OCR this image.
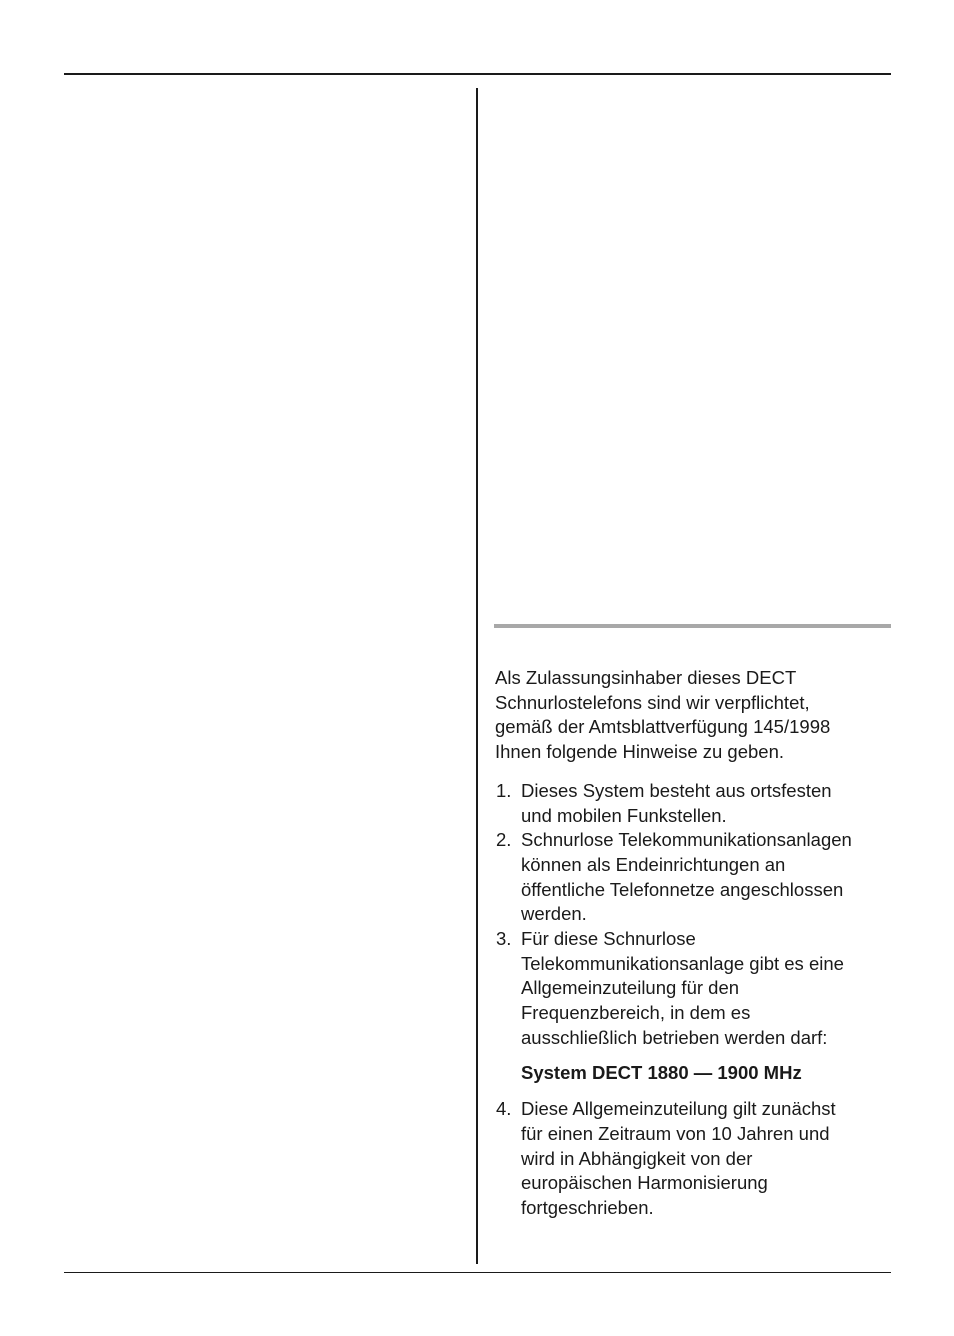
Als Zulassungsinhaber dieses DECT
Schnurlostelefons sind wir verpflichtet,
gemäß der Amtsblattverfügung 145/1998
Ihnen folgende Hinweise zu geben.

1. Dieses System besteht aus ortsfesten
und mobilen Funkstellen.
2. Schnurlose Telekommunikationsanlagen
können als Endeinrichtungen an
öffentliche Telefonnetze angeschlossen
werden.
3. Für diese Schnurlose
Telekommunikationsanlage gibt es eine
Allgemeinzuteilung für den
Frequenzbereich, in dem es
ausschließlich betrieben werden darf:
System DECT 1880 — 1900 MHz
4. Diese Allgemeinzuteilung gilt zunächst
für einen Zeitraum von 10 Jahren und
wird in Abhängigkeit von der
europäischen Harmonisierung
fortgeschrieben.
